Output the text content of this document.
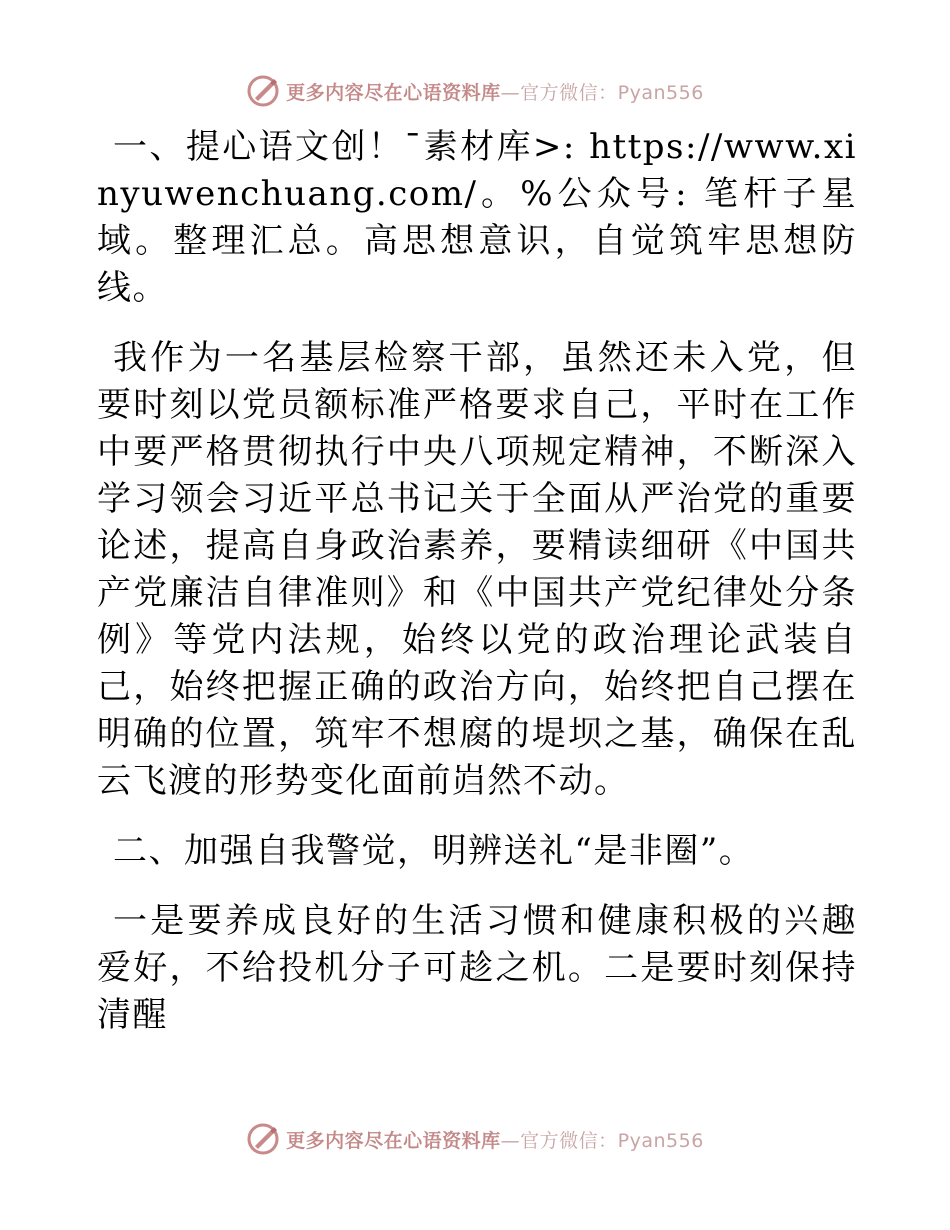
更多内容尽在心语资料库—官方微信：Pyan556

一、提心语文创！¯素材库>: https://www.xinyuwenchuang.com/。%公众号: 笔杆子星域。整理汇总。高思想意识，自觉筑牢思想防线。

我作为一名基层检察干部，虽然还未入党，但要时刻以党员额标准严格要求自己，平时在工作中要严格贯彻执行中央八项规定精神，不断深入学习领会习近平总书记关于全面从严治党的重要论述，提高自身政治素养，要精读细研《中国共产党廉洁自律准则》和《中国共产党纪律处分条例》等党内法规，始终以党的政治理论武装自己，始终把握正确的政治方向，始终把自己摆在明确的位置，筑牢不想腐的堤坝之基，确保在乱云飞渡的形势变化面前岿然不动。

二、加强自我警觉，明辨送礼“是非圈”。

一是要养成良好的生活习惯和健康积极的兴趣爱好，不给投机分子可趁之机。二是要时刻保持清醒

更多内容尽在心语资料库—官方微信：Pyan556
